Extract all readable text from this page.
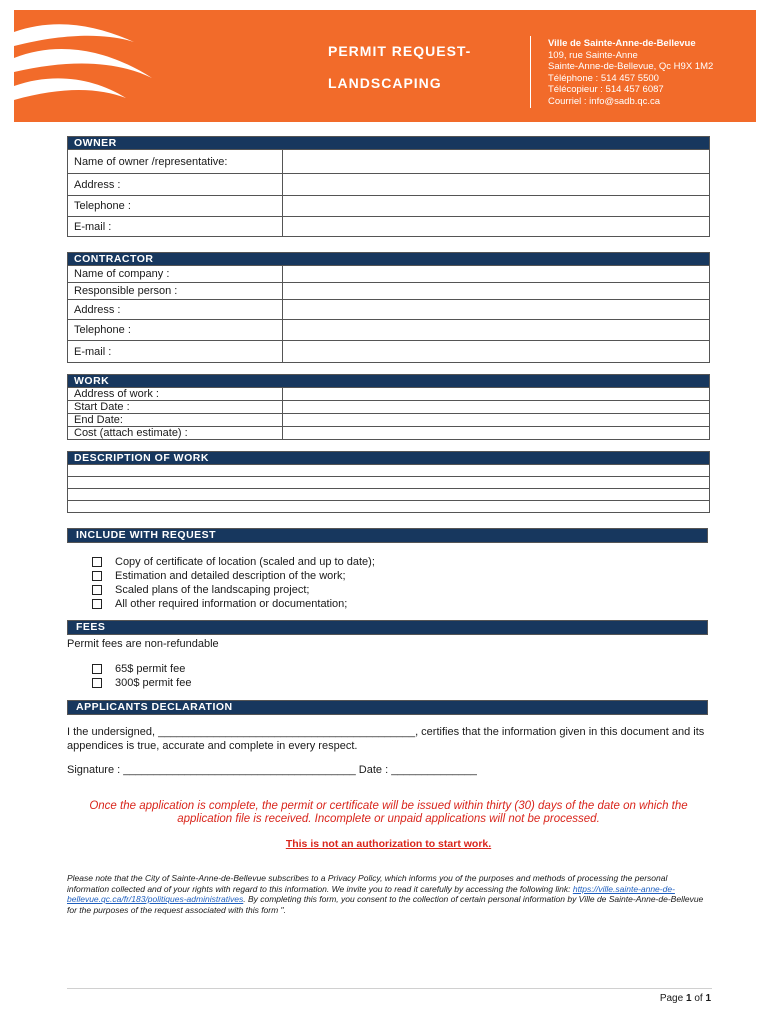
PERMIT REQUEST-
LANDSCAPING
Ville de Sainte-Anne-de-Bellevue
109, rue Sainte-Anne
Sainte-Anne-de-Bellevue, Qc H9X 1M2
Téléphone : 514 457 5500
Télécopieur : 514 457 6087
Courriel : info@sadb.qc.ca
OWNER	
Name of owner /representative:	
Address :	
Telephone :	
E-mail :	
CONTRACTOR	
Name of company :	
Responsible person :	
Address :	
Telephone :	
E-mail :	
WORK	
Address of work :	
Start Date :	
End Date:	
Cost (attach estimate) :	
DESCRIPTION OF WORK

INCLUDE WITH REQUEST
Copy of certificate of location (scaled and up to date);
Estimation and detailed description of the work;
Scaled plans of the landscaping project;
All other required information or documentation;
FEES
Permit fees are non-refundable
65$ permit fee
300$ permit fee
APPLICANTS DECLARATION
I the undersigned, __________________________________________, certifies that the information given in this document and its appendices is true, accurate and complete in every respect.
Signature : ______________________________________ Date : ______________
Once the application is complete, the permit or certificate will be issued within thirty (30) days of the date on which the application file is received. Incomplete or unpaid applications will not be processed.
This is not an authorization to start work.
Please note that the City of Sainte-Anne-de-Bellevue subscribes to a Privacy Policy, which informs you of the purposes and methods of processing the personal information collected and of your rights with regard to this information. We invite you to read it carefully by accessing the following link: https://ville.sainte-anne-de-bellevue.qc.ca/fr/183/politiques-administratives. By completing this form, you consent to the collection of certain personal information by Ville de Sainte-Anne-de-Bellevue for the purposes of the request associated with this form ".
Page 1 of 1
